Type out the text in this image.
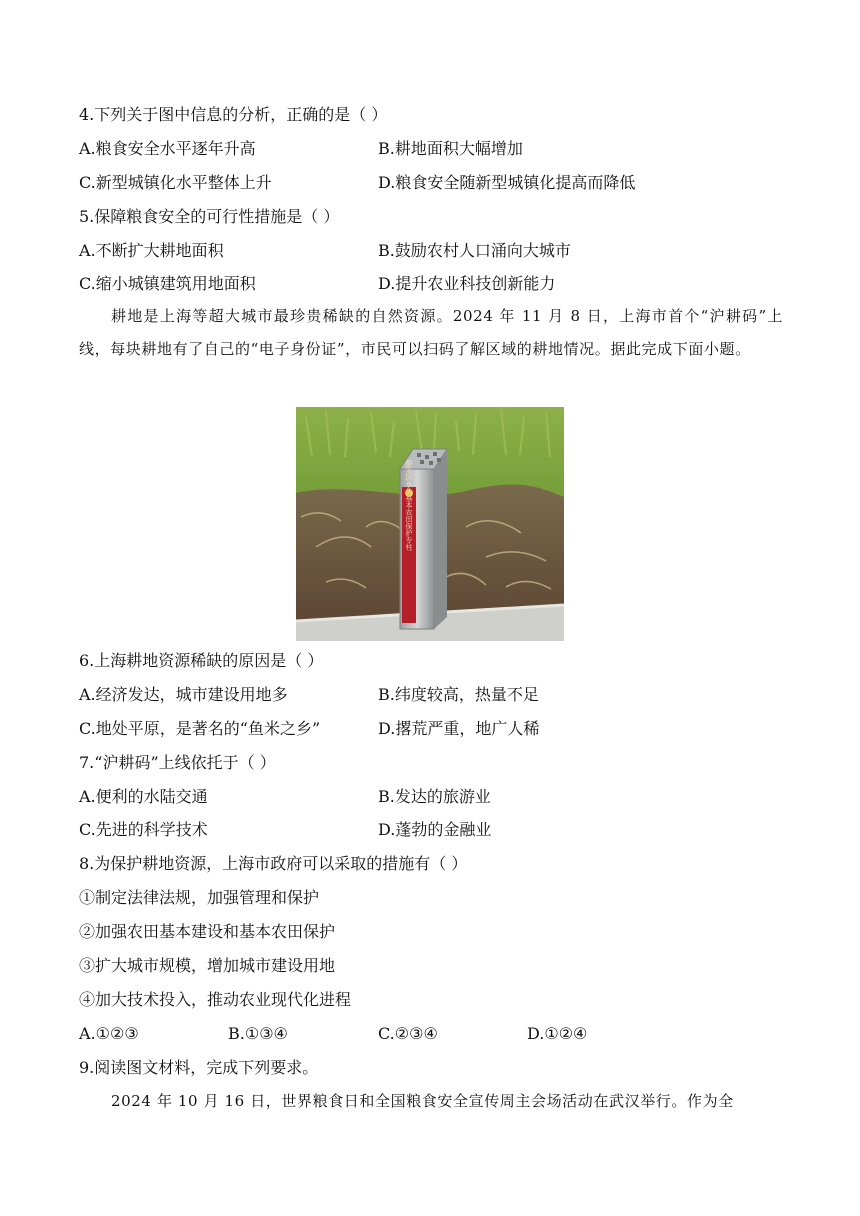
4.下列关于图中信息的分析，正确的是（ ）
A.粮食安全水平逐年升高	B.耕地面积大幅增加
C.新型城镇化水平整体上升	D.粮食安全随新型城镇化提高而降低
5.保障粮食安全的可行性措施是（ ）
A.不断扩大耕地面积	B.鼓励农村人口涌向大城市
C.缩小城镇建筑用地面积	D.提升农业科技创新能力
耕地是上海等超大城市最珍贵稀缺的自然资源。2024 年 11 月 8 日，上海市首个“沪耕码”上线，每块耕地有了自己的“电子身份证”，市民可以扫码了解区域的耕地情况。据此完成下面小题。
静安区永久基本农田保护专柱
6.上海耕地资源稀缺的原因是（ ）
A.经济发达，城市建设用地多	B.纬度较高，热量不足
C.地处平原，是著名的“鱼米之乡”	D.撂荒严重，地广人稀
7.“沪耕码”上线依托于（ ）
A.便利的水陆交通	B.发达的旅游业
C.先进的科学技术	D.蓬勃的金融业
8.为保护耕地资源，上海市政府可以采取的措施有（ ）
①制定法律法规，加强管理和保护
②加强农田基本建设和基本农田保护
③扩大城市规模，增加城市建设用地
④加大技术投入，推动农业现代化进程
A.①②③	B.①③④	C.②③④	D.①②④
9.阅读图文材料，完成下列要求。
2024 年 10 月 16 日，世界粮食日和全国粮食安全宣传周主会场活动在武汉举行。作为全
